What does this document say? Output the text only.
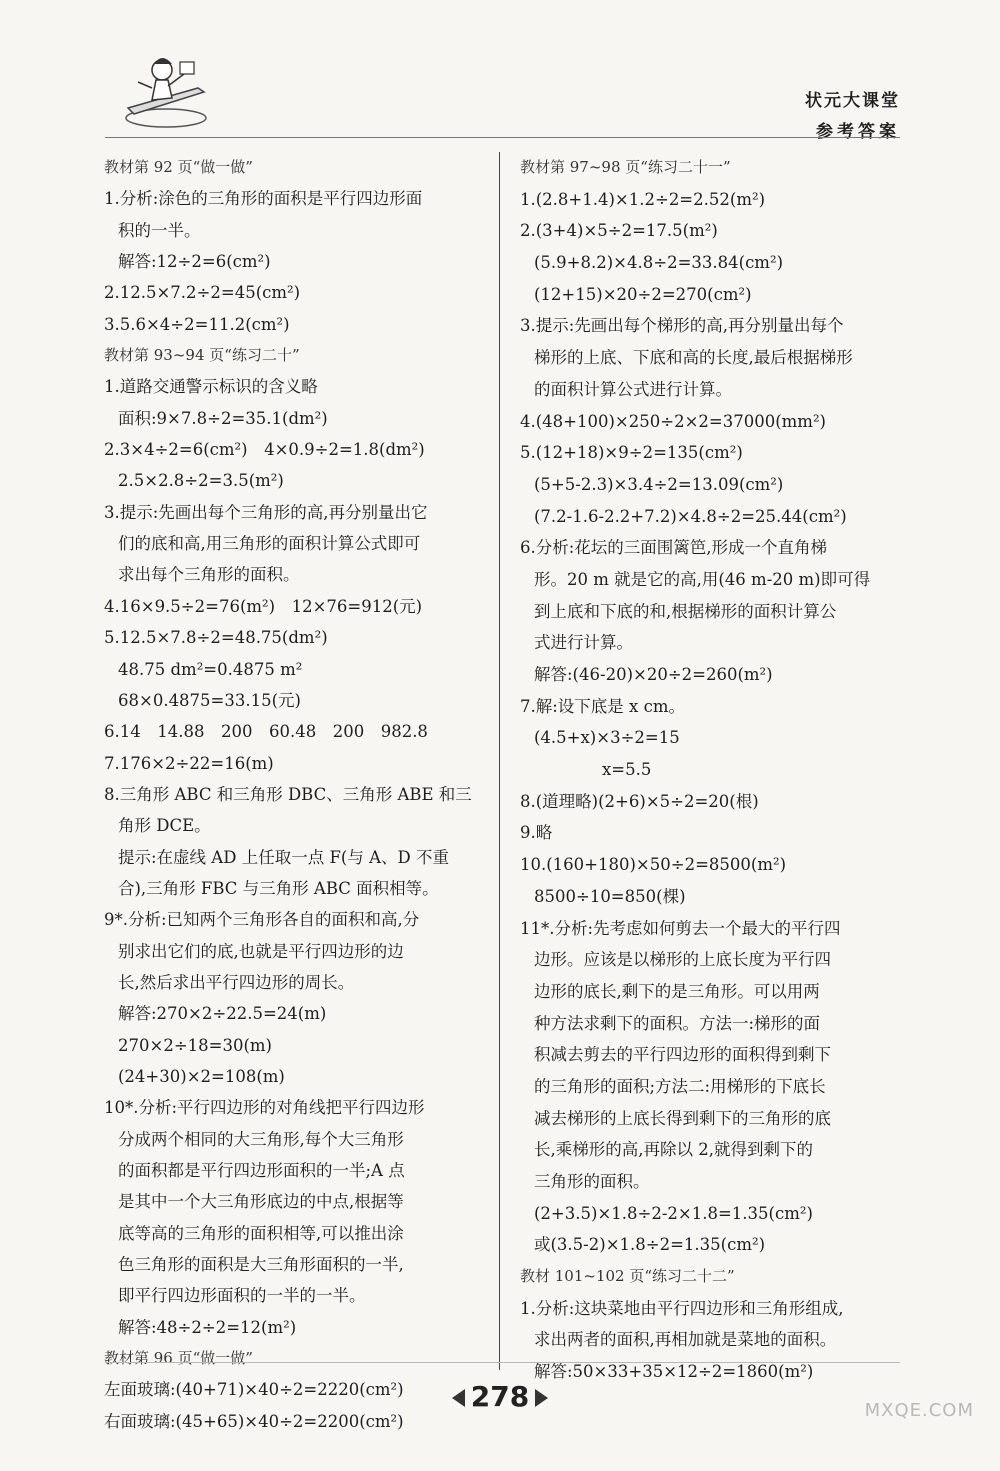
状元大课堂
参考答案
教材第 92 页“做一做”
1.分析:涂色的三角形的面积是平行四边形面
积的一半。
解答:12÷2=6(cm²)
2.12.5×7.2÷2=45(cm²)
3.5.6×4÷2=11.2(cm²)
教材第 93~94 页“练习二十”
1.道路交通警示标识的含义略
面积:9×7.8÷2=35.1(dm²)
2.3×4÷2=6(cm²)　4×0.9÷2=1.8(dm²)
2.5×2.8÷2=3.5(m²)
3.提示:先画出每个三角形的高,再分别量出它
们的底和高,用三角形的面积计算公式即可
求出每个三角形的面积。
4.16×9.5÷2=76(m²)　12×76=912(元)
5.12.5×7.8÷2=48.75(dm²)
48.75 dm²=0.4875 m²
68×0.4875=33.15(元)
6.14　14.88　200　60.48　200　982.8
7.176×2÷22=16(m)
8.三角形 ABC 和三角形 DBC、三角形 ABE 和三
角形 DCE。
提示:在虚线 AD 上任取一点 F(与 A、D 不重
合),三角形 FBC 与三角形 ABC 面积相等。
9*.分析:已知两个三角形各自的面积和高,分
别求出它们的底,也就是平行四边形的边
长,然后求出平行四边形的周长。
解答:270×2÷22.5=24(m)
270×2÷18=30(m)
(24+30)×2=108(m)
10*.分析:平行四边形的对角线把平行四边形
分成两个相同的大三角形,每个大三角形
的面积都是平行四边形面积的一半;A 点
是其中一个大三角形底边的中点,根据等
底等高的三角形的面积相等,可以推出涂
色三角形的面积是大三角形面积的一半,
即平行四边形面积的一半的一半。
解答:48÷2÷2=12(m²)
教材第 96 页“做一做”
左面玻璃:(40+71)×40÷2=2220(cm²)
右面玻璃:(45+65)×40÷2=2200(cm²)
教材第 97~98 页“练习二十一”
1.(2.8+1.4)×1.2÷2=2.52(m²)
2.(3+4)×5÷2=17.5(m²)
(5.9+8.2)×4.8÷2=33.84(cm²)
(12+15)×20÷2=270(cm²)
3.提示:先画出每个梯形的高,再分别量出每个
梯形的上底、下底和高的长度,最后根据梯形
的面积计算公式进行计算。
4.(48+100)×250÷2×2=37000(mm²)
5.(12+18)×9÷2=135(cm²)
(5+5-2.3)×3.4÷2=13.09(cm²)
(7.2-1.6-2.2+7.2)×4.8÷2=25.44(cm²)
6.分析:花坛的三面围篱笆,形成一个直角梯
形。20 m 就是它的高,用(46 m-20 m)即可得
到上底和下底的和,根据梯形的面积计算公
式进行计算。
解答:(46-20)×20÷2=260(m²)
7.解:设下底是 x cm。
(4.5+x)×3÷2=15
x=5.5
8.(道理略)(2+6)×5÷2=20(根)
9.略
10.(160+180)×50÷2=8500(m²)
8500÷10=850(棵)
11*.分析:先考虑如何剪去一个最大的平行四
边形。应该是以梯形的上底长度为平行四
边形的底长,剩下的是三角形。可以用两
种方法求剩下的面积。方法一:梯形的面
积减去剪去的平行四边形的面积得到剩下
的三角形的面积;方法二:用梯形的下底长
减去梯形的上底长得到剩下的三角形的底
长,乘梯形的高,再除以 2,就得到剩下的
三角形的面积。
(2+3.5)×1.8÷2-2×1.8=1.35(cm²)
或(3.5-2)×1.8÷2=1.35(cm²)
教材 101~102 页“练习二十二”
1.分析:这块菜地由平行四边形和三角形组成,
求出两者的面积,再相加就是菜地的面积。
解答:50×33+35×12÷2=1860(m²)
278	MXQE.COM
